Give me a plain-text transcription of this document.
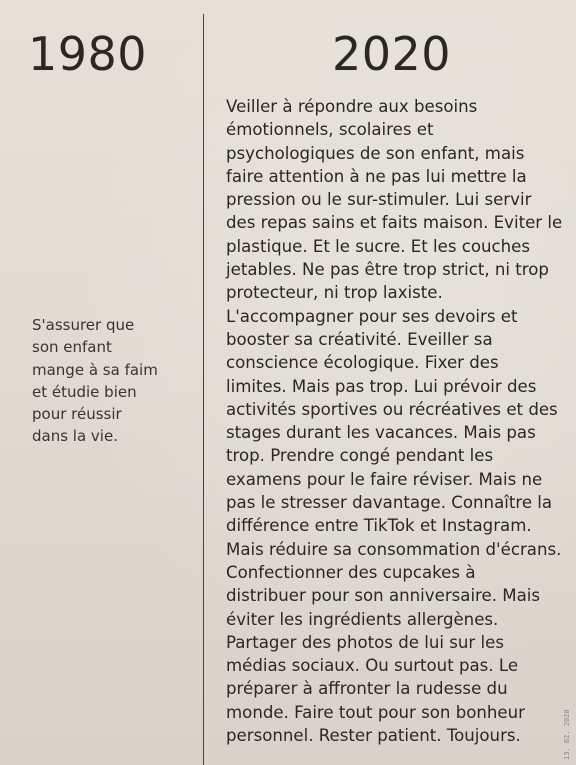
1980	2020

S'assurer que
son enfant
mange à sa faim
et étudie bien
pour réussir
dans la vie.

Veiller à répondre aux besoins
émotionnels, scolaires et
psychologiques de son enfant, mais
faire attention à ne pas lui mettre la
pression ou le sur-stimuler. Lui servir
des repas sains et faits maison. Eviter le
plastique. Et le sucre. Et les couches
jetables. Ne pas être trop strict, ni trop
protecteur, ni trop laxiste.
L'accompagner pour ses devoirs et
booster sa créativité. Eveiller sa
conscience écologique. Fixer des
limites. Mais pas trop. Lui prévoir des
activités sportives ou récréatives et des
stages durant les vacances. Mais pas
trop. Prendre congé pendant les
examens pour le faire réviser. Mais ne
pas le stresser davantage. Connaître la
différence entre TikTok et Instagram.
Mais réduire sa consommation d'écrans.
Confectionner des cupcakes à
distribuer pour son anniversaire. Mais
éviter les ingrédients allergènes.
Partager des photos de lui sur les
médias sociaux. Ou surtout pas. Le
préparer à affronter la rudesse du
monde. Faire tout pour son bonheur
personnel. Rester patient. Toujours.	13. 02. 2020
